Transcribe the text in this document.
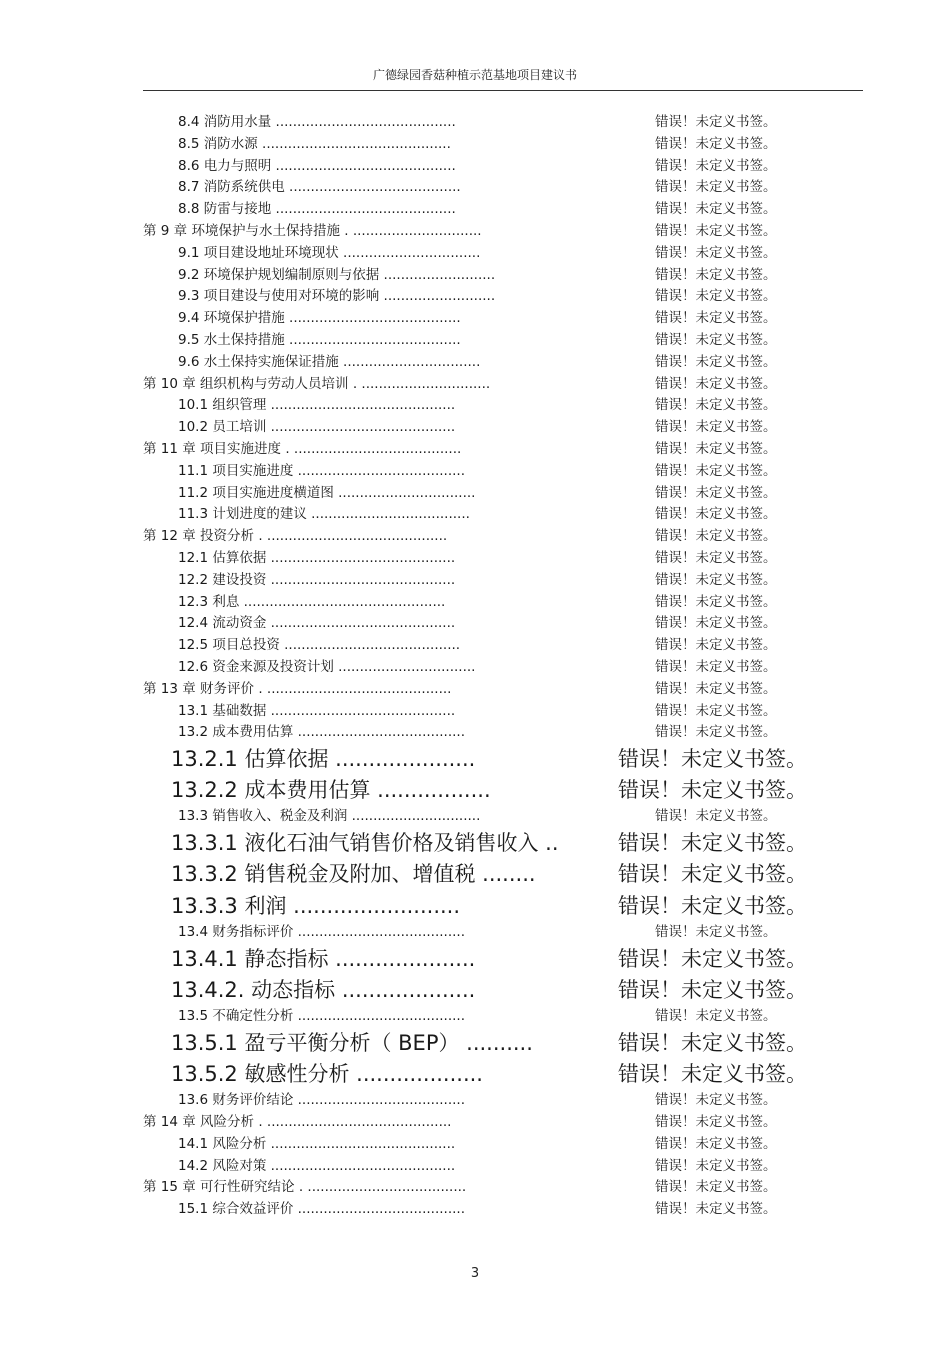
广德绿园香菇种植示范基地项目建议书
8.4 消防用水量 ..........................................	错误！未定义书签。
8.5 消防水源 ............................................	错误！未定义书签。
8.6 电力与照明 ..........................................	错误！未定义书签。
8.7 消防系统供电 ........................................	错误！未定义书签。
8.8 防雷与接地 ..........................................	错误！未定义书签。
第 9 章 环境保护与水土保持措施 . ..............................	错误！未定义书签。
9.1 项目建设地址环境现状 ................................	错误！未定义书签。
9.2 环境保护规划编制原则与依据 ..........................	错误！未定义书签。
9.3 项目建设与使用对环境的影响 ..........................	错误！未定义书签。
9.4 环境保护措施 ........................................	错误！未定义书签。
9.5 水土保持措施 ........................................	错误！未定义书签。
9.6 水土保持实施保证措施 ................................	错误！未定义书签。
第 10 章 组织机构与劳动人员培训 . ..............................	错误！未定义书签。
10.1 组织管理 ...........................................	错误！未定义书签。
10.2 员工培训 ...........................................	错误！未定义书签。
第 11 章 项目实施进度 . .......................................	错误！未定义书签。
11.1 项目实施进度 .......................................	错误！未定义书签。
11.2 项目实施进度横道图 ................................	错误！未定义书签。
11.3 计划进度的建议 .....................................	错误！未定义书签。
第 12 章 投资分析 . ..........................................	错误！未定义书签。
12.1 估算依据 ...........................................	错误！未定义书签。
12.2 建设投资 ...........................................	错误！未定义书签。
12.3 利息 ...............................................	错误！未定义书签。
12.4 流动资金 ...........................................	错误！未定义书签。
12.5 项目总投资 .........................................	错误！未定义书签。
12.6 资金来源及投资计划 ................................	错误！未定义书签。
第 13 章 财务评价 . ...........................................	错误！未定义书签。
13.1 基础数据 ...........................................	错误！未定义书签。
13.2 成本费用估算 .......................................	错误！未定义书签。
13.2.1 估算依据 .....................	错误！未定义书签。
13.2.2 成本费用估算 .................	错误！未定义书签。
13.3 销售收入、税金及利润 ..............................	错误！未定义书签。
13.3.1 液化石油气销售价格及销售收入 ..	错误！未定义书签。
13.3.2 销售税金及附加、增值税 ........	错误！未定义书签。
13.3.3 利润 .........................	错误！未定义书签。
13.4 财务指标评价 .......................................	错误！未定义书签。
13.4.1 静态指标 .....................	错误！未定义书签。
13.4.2. 动态指标 ....................	错误！未定义书签。
13.5 不确定性分析 .......................................	错误！未定义书签。
13.5.1 盈亏平衡分析（ BEP） ..........	错误！未定义书签。
13.5.2 敏感性分析 ...................	错误！未定义书签。
13.6 财务评价结论 .......................................	错误！未定义书签。
第 14 章 风险分析 . ...........................................	错误！未定义书签。
14.1 风险分析 ...........................................	错误！未定义书签。
14.2 风险对策 ...........................................	错误！未定义书签。
第 15 章 可行性研究结论 . .....................................	错误！未定义书签。
15.1 综合效益评价 .......................................	错误！未定义书签。
3
